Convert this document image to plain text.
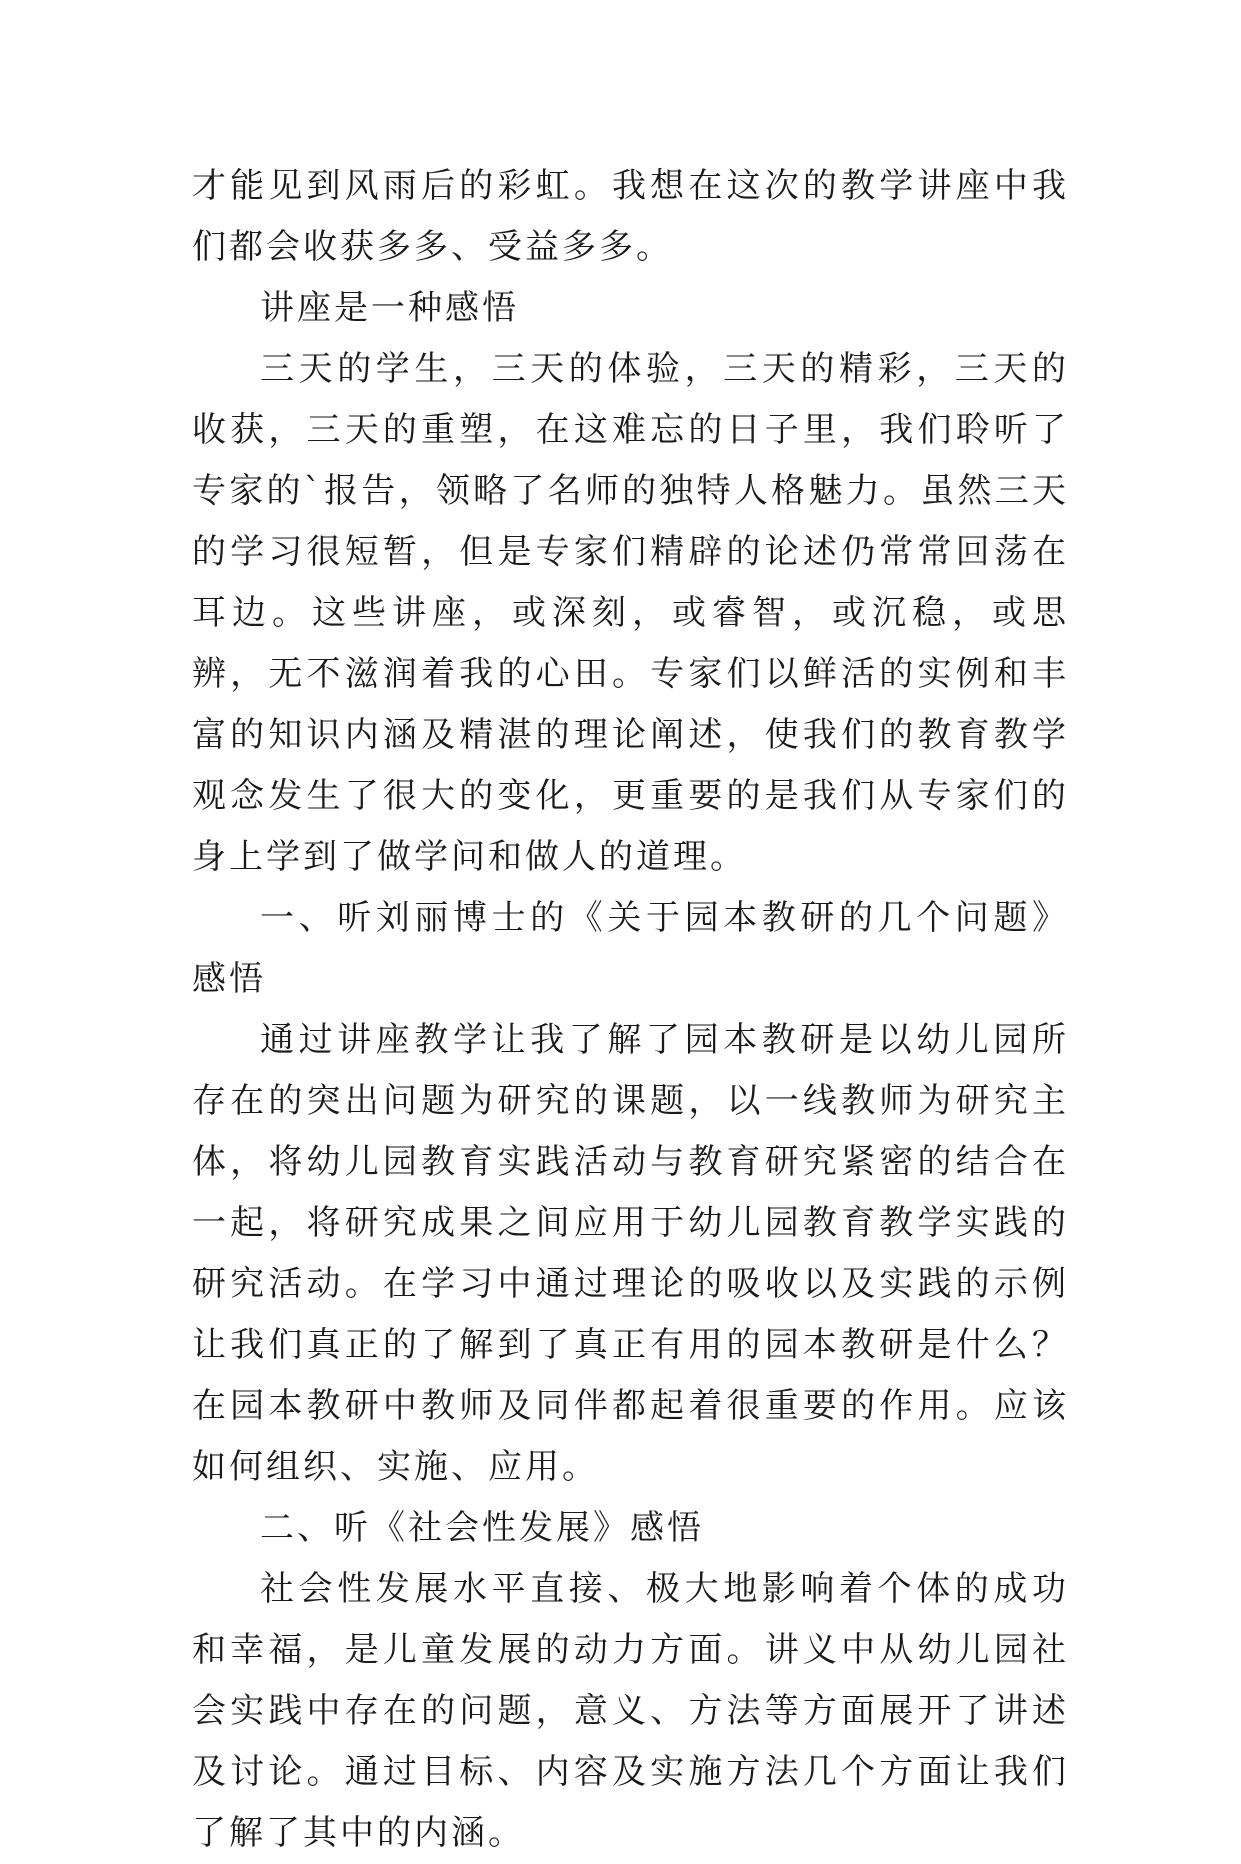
才能见到风雨后的彩虹。我想在这次的教学讲座中我们都会收获多多、受益多多。

讲座是一种感悟

三天的学生，三天的体验，三天的精彩，三天的收获，三天的重塑，在这难忘的日子里，我们聆听了专家的`报告，领略了名师的独特人格魅力。虽然三天的学习很短暂，但是专家们精辟的论述仍常常回荡在耳边。这些讲座，或深刻，或睿智，或沉稳，或思辨，无不滋润着我的心田。专家们以鲜活的实例和丰富的知识内涵及精湛的理论阐述，使我们的教育教学观念发生了很大的变化，更重要的是我们从专家们的身上学到了做学问和做人的道理。

一、听刘丽博士的《关于园本教研的几个问题》感悟

通过讲座教学让我了解了园本教研是以幼儿园所存在的突出问题为研究的课题，以一线教师为研究主体，将幼儿园教育实践活动与教育研究紧密的结合在一起，将研究成果之间应用于幼儿园教育教学实践的研究活动。在学习中通过理论的吸收以及实践的示例让我们真正的了解到了真正有用的园本教研是什么？在园本教研中教师及同伴都起着很重要的作用。应该如何组织、实施、应用。

二、听《社会性发展》感悟

社会性发展水平直接、极大地影响着个体的成功和幸福，是儿童发展的动力方面。讲义中从幼儿园社会实践中存在的问题，意义、方法等方面展开了讲述及讨论。通过目标、内容及实施方法几个方面让我们了解了其中的内涵。
